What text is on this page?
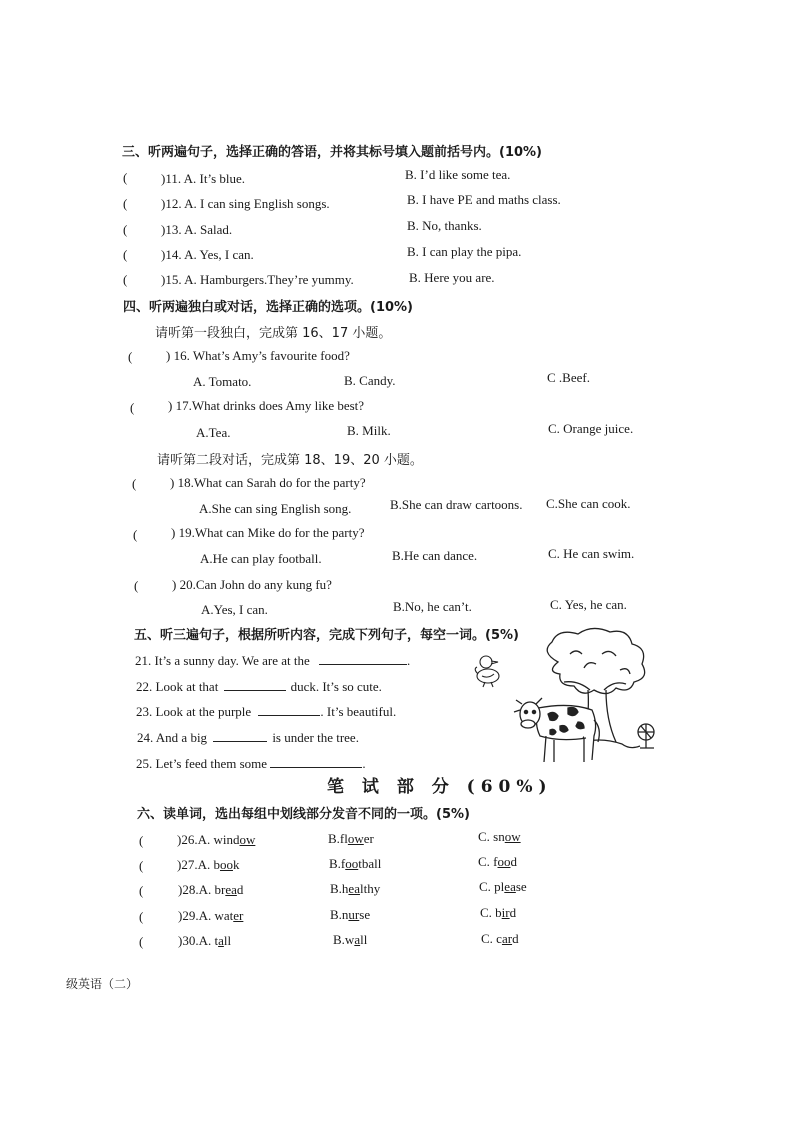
三、听两遍句子，选择正确的答语，并将其标号填入题前括号内。(10%)
(	)11. A. It’s blue.	B. I’d like some tea.
(	)12. A. I can sing English songs.	B. I have PE and maths class.
(	)13. A. Salad.	B. No, thanks.
(	)14. A. Yes, I can.	B. I can play the pipa.
(	)15. A. Hamburgers.They’re yummy.	B. Here you are.
四、听两遍独白或对话，选择正确的选项。(10%)
请听第一段独白，完成第 16、17 小题。
(	) 16. What’s Amy’s favourite food?
A. Tomato.	B. Candy.	C .Beef.
(	) 17.What drinks does Amy like best?
A.Tea.	B. Milk.	C. Orange juice.
请听第二段对话，完成第 18、19、20 小题。
(	) 18.What can Sarah do for the party?
A.She can sing English song.	B.She can draw cartoons. C.She can cook.
(	) 19.What can Mike do for the party?
A.He can play football.	B.He can dance.	C. He can swim.
(	) 20.Can John do any kung fu?
A.Yes, I can.	B.No, he can’t.	C. Yes, he can.
五、听三遍句子，根据所听内容，完成下列句子，每空一词。(5%)
21. It’s a sunny day. We are at the	.
22. Look at that	duck. It’s so cute.
23. Look at the purple	. It’s beautiful.
24. And a big	is under the tree.
25. Let’s feed them some	.
笔 试 部 分 (60%)
六、读单词，选出每组中划线部分发音不同的一项。(5%)
(	)26.A. window	B.flower	C. snow
(	)27.A. book	B.football	C. food
(	)28.A. bread	B.healthy	C. please
(	)29.A. water	B.nurse	C. bird
(	)30.A. tall	B.wall	C. card
级英语（二）
